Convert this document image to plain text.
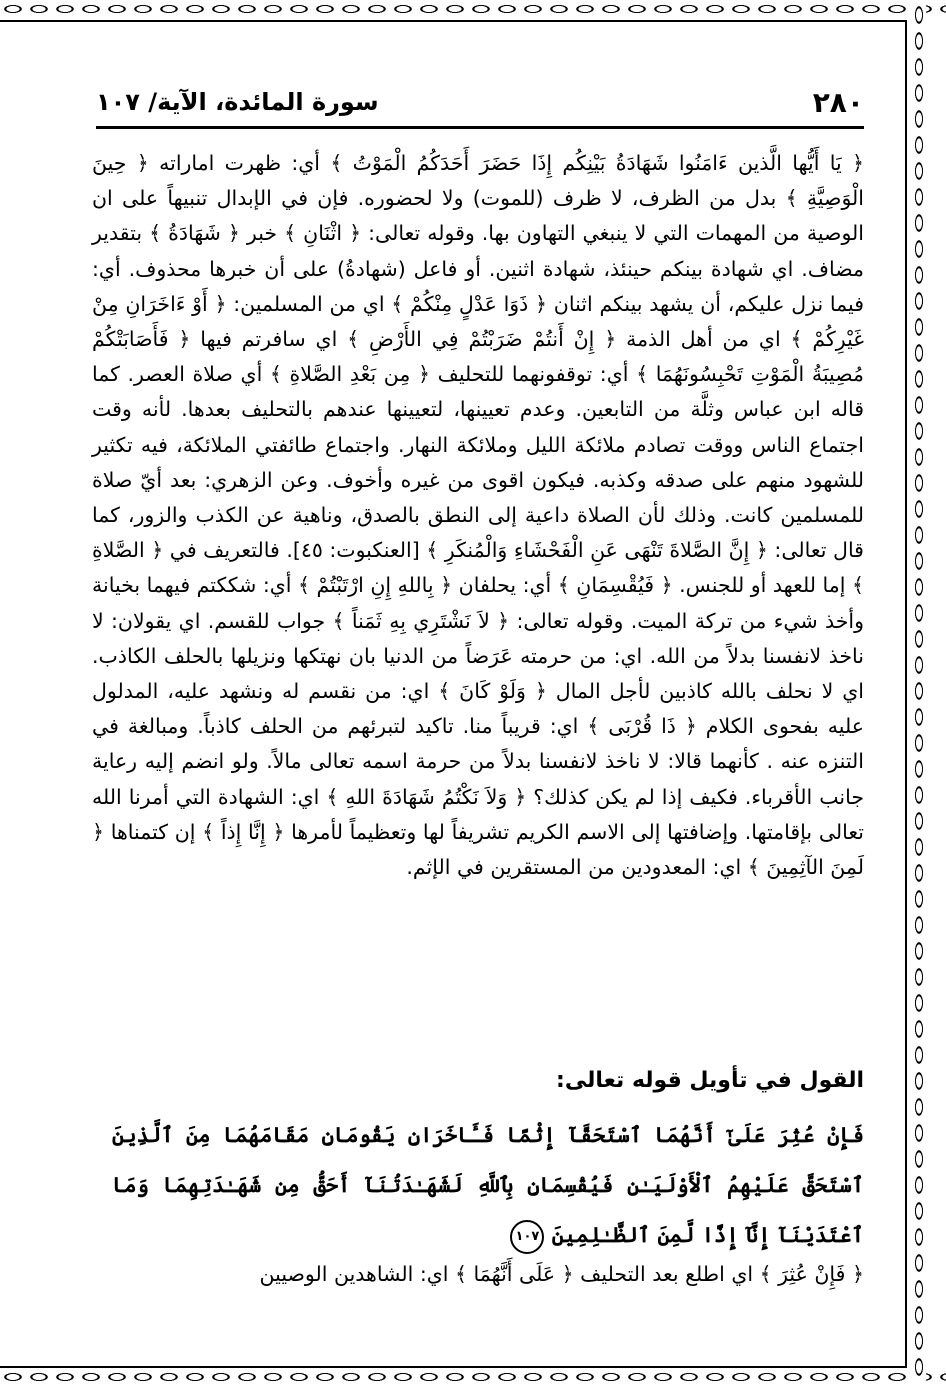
٢٨٠
سورة المائدة، الآية/ ١٠٧

﴿ يَا أَيُّها الَّذين ءَامَنُوا شَهَادَةُ بَيْنِكُم إِذَا حَضَرَ أَحَدَكُمُ الْمَوْتُ ﴾ أي: ظهرت اماراته ﴿ حِينَ الْوَصِيَّةِ ﴾ بدل من الظرف، لا ظرف (للموت) ولا لحضوره. فإن في الإبدال تنبيهاً على ان الوصية من المهمات التي لا ينبغي التهاون بها. وقوله تعالى: ﴿ اثْنَانِ ﴾ خبر ﴿ شَهَادَةُ ﴾ بتقدير مضاف. اي شهادة بينكم حينئذ، شهادة اثنين. أو فاعل (شهادةُ) على أن خبرها محذوف. أي: فيما نزل عليكم، أن يشهد بينكم اثنان ﴿ ذَوَا عَدْلٍ مِنْكُمْ ﴾ اي من المسلمين: ﴿ أَوْ ءَاخَرَانِ مِنْ غَيْرِكُمْ ﴾ اي من أهل الذمة ﴿ إِنْ أَنتُمْ ضَرَبْتُمْ فِي الأَرْضِ ﴾ اي سافرتم فيها ﴿ فَأَصَابَتْكُمْ مُصِيبَةُ الْمَوْتِ تَحْبِسُونَهُمَا ﴾ أي: توقفونهما للتحليف ﴿ مِن بَعْدِ الصَّلاةِ ﴾ أي صلاة العصر. كما قاله ابن عباس وثلَّة من التابعين. وعدم تعيينها، لتعيينها عندهم بالتحليف بعدها. لأنه وقت اجتماع الناس ووقت تصادم ملائكة الليل وملائكة النهار. واجتماع طائفتي الملائكة، فيه تكثير للشهود منهم على صدقه وكذبه. فيكون اقوى من غيره وأخوف. وعن الزهري: بعد أيّ صلاة للمسلمين كانت. وذلك لأن الصلاة داعية إلى النطق بالصدق، وناهية عن الكذب والزور، كما قال تعالى: ﴿ إِنَّ الصَّلاةَ تَنْهَى عَنِ الْفَحْشَاءِ وَالْمُنكَرِ ﴾ [العنكبوت: ٤٥]. فالتعريف في ﴿ الصَّلاةِ ﴾ إما للعهد أو للجنس. ﴿ فَيُقْسِمَانِ ﴾ أي: يحلفان ﴿ بِاللهِ إِنِ ارْتَبْتُمْ ﴾ أي: شككتم فيهما بخيانة وأخذ شيء من تركة الميت. وقوله تعالى: ﴿ لاَ نَشْتَرِي بِهِ ثَمَناً ﴾ جواب للقسم. اي يقولان: لا ناخذ لانفسنا بدلاً من الله. اي: من حرمته عَرَضاً من الدنيا بان نهتكها ونزيلها بالحلف الكاذب. اي لا نحلف بالله كاذبين لأجل المال ﴿ وَلَوْ كَانَ ﴾ اي: من نقسم له ونشهد عليه، المدلول عليه بفحوى الكلام ﴿ ذَا قُرْبَى ﴾ اي: قريباً منا. تاكيد لتبرئهم من الحلف كاذباً. ومبالغة في التنزه عنه . كأنهما قالا: لا ناخذ لانفسنا بدلاً من حرمة اسمه تعالى مالاً. ولو انضم إليه رعاية جانب الأقرباء. فكيف إذا لم يكن كذلك؟ ﴿ وَلاَ نَكْتُمُ شَهَادَةَ اللهِ ﴾ اي: الشهادة التي أمرنا الله تعالى بإقامتها. وإضافتها إلى الاسم الكريم تشريفاً لها وتعظيماً لأمرها ﴿ إِنَّا إِذاً ﴾ إن كتمناها ﴿ لَمِنَ الآثِمِينَ ﴾ اي: المعدودين من المستقرين في الإثم.

القول في تأويل قوله تعالى:
فَإِنْ عُثِرَ عَلَىٰٓ أَنَّهُمَا ٱسْتَحَقَّآ إِثْمًا فَـَٔاخَرَانِ يَقُومَانِ مَقَامَهُمَا مِنَ ٱلَّذِينَ ٱسْتَحَقَّ عَلَيْهِمُ ٱلْأَوْلَيَـٰنِ فَيُقْسِمَانِ بِٱللَّهِ لَشَهَـٰدَتُنَآ أَحَقُّ مِن شَهَـٰدَتِهِمَا وَمَا ٱعْتَدَيْنَآ إِنَّآ إِذًا لَّمِنَ ٱلظَّـٰلِمِينَ ١٠٧
﴿ فَإِنْ عُثِرَ ﴾ اي اطلع بعد التحليف ﴿ عَلَى أَنَّهُمَا ﴾ اي: الشاهدين الوصيين
